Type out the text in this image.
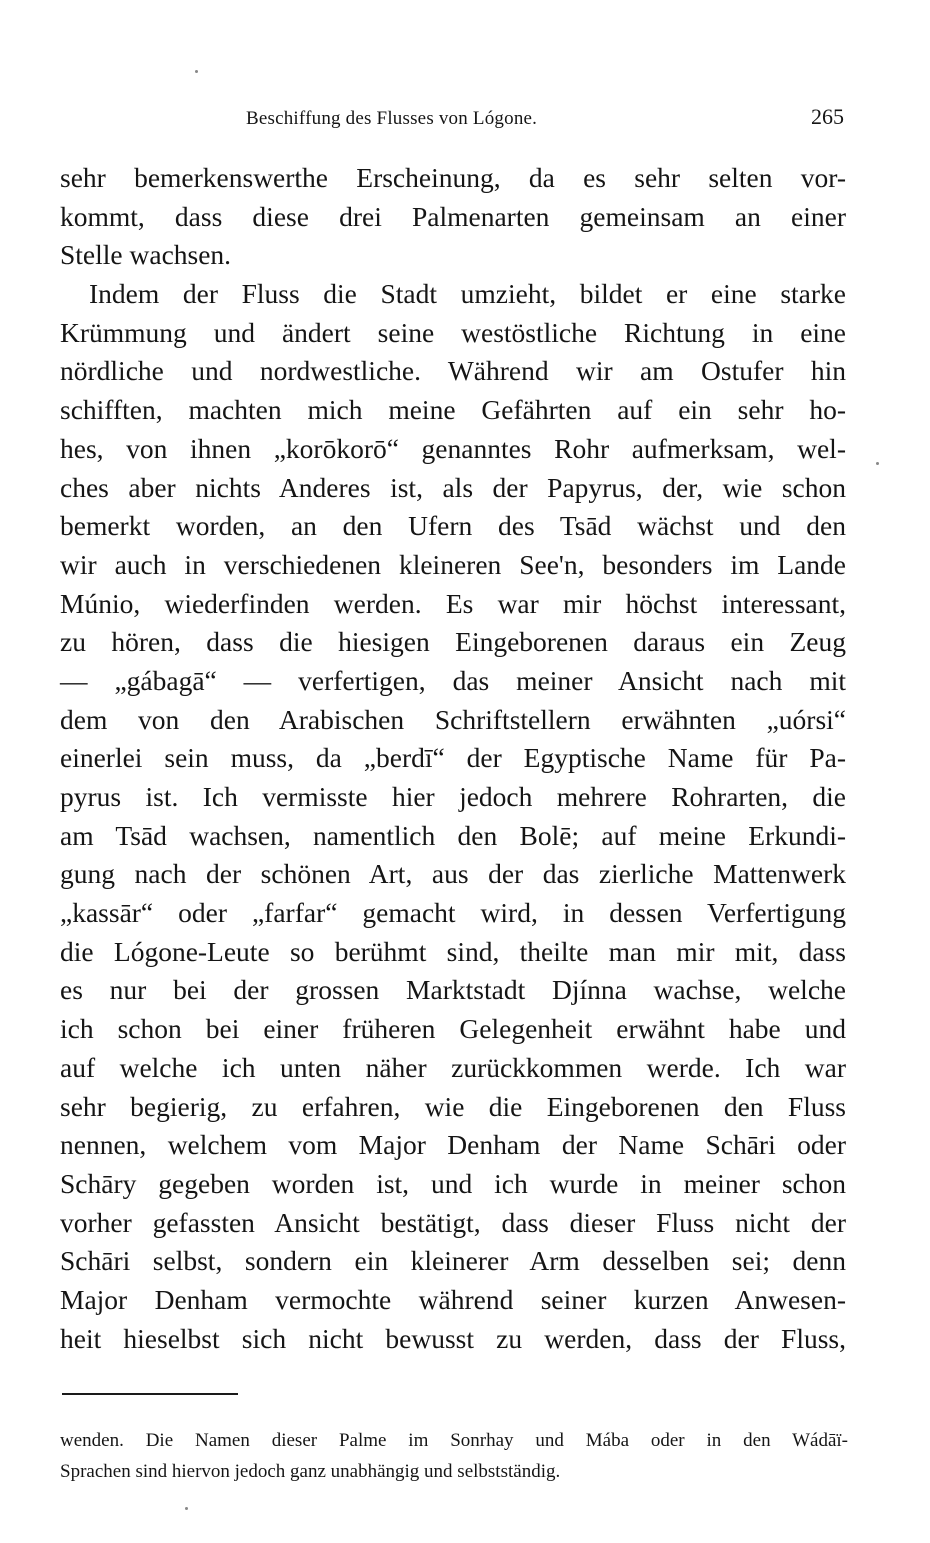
Beschiffung des Flusses von Lógone.	265
sehr bemerkenswerthe Erscheinung, da es sehr selten vor-
kommt, dass diese drei Palmenarten gemeinsam an einer
Stelle wachsen.
Indem der Fluss die Stadt umzieht, bildet er eine starke
Krümmung und ändert seine westöstliche Richtung in eine
nördliche und nordwestliche. Während wir am Ostufer hin
schifften, machten mich meine Gefährten auf ein sehr ho-
hes, von ihnen „korōkorō“ genanntes Rohr aufmerksam, wel-
ches aber nichts Anderes ist, als der Papyrus, der, wie schon
bemerkt worden, an den Ufern des Tsād wächst und den
wir auch in verschiedenen kleineren See'n, besonders im Lande
Múnio, wiederfinden werden. Es war mir höchst interessant,
zu hören, dass die hiesigen Eingeborenen daraus ein Zeug
— „gábagā“ — verfertigen, das meiner Ansicht nach mit
dem von den Arabischen Schriftstellern erwähnten „uórsi“
einerlei sein muss, da „berdī“ der Egyptische Name für Pa-
pyrus ist. Ich vermisste hier jedoch mehrere Rohrarten, die
am Tsād wachsen, namentlich den Bolē; auf meine Erkundi-
gung nach der schönen Art, aus der das zierliche Mattenwerk
„kassār“ oder „farfar“ gemacht wird, in dessen Verfertigung
die Lógone-Leute so berühmt sind, theilte man mir mit, dass
es nur bei der grossen Marktstadt Djínna wachse, welche
ich schon bei einer früheren Gelegenheit erwähnt habe und
auf welche ich unten näher zurückkommen werde. Ich war
sehr begierig, zu erfahren, wie die Eingeborenen den Fluss
nennen, welchem vom Major Denham der Name Schāri oder
Schāry gegeben worden ist, und ich wurde in meiner schon
vorher gefassten Ansicht bestätigt, dass dieser Fluss nicht der
Schāri selbst, sondern ein kleinerer Arm desselben sei; denn
Major Denham vermochte während seiner kurzen Anwesen-
heit hieselbst sich nicht bewusst zu werden, dass der Fluss,
wenden. Die Namen dieser Palme im Sonrhay und Mába oder in den Wádāï-
Sprachen sind hiervon jedoch ganz unabhängig und selbstständig.
